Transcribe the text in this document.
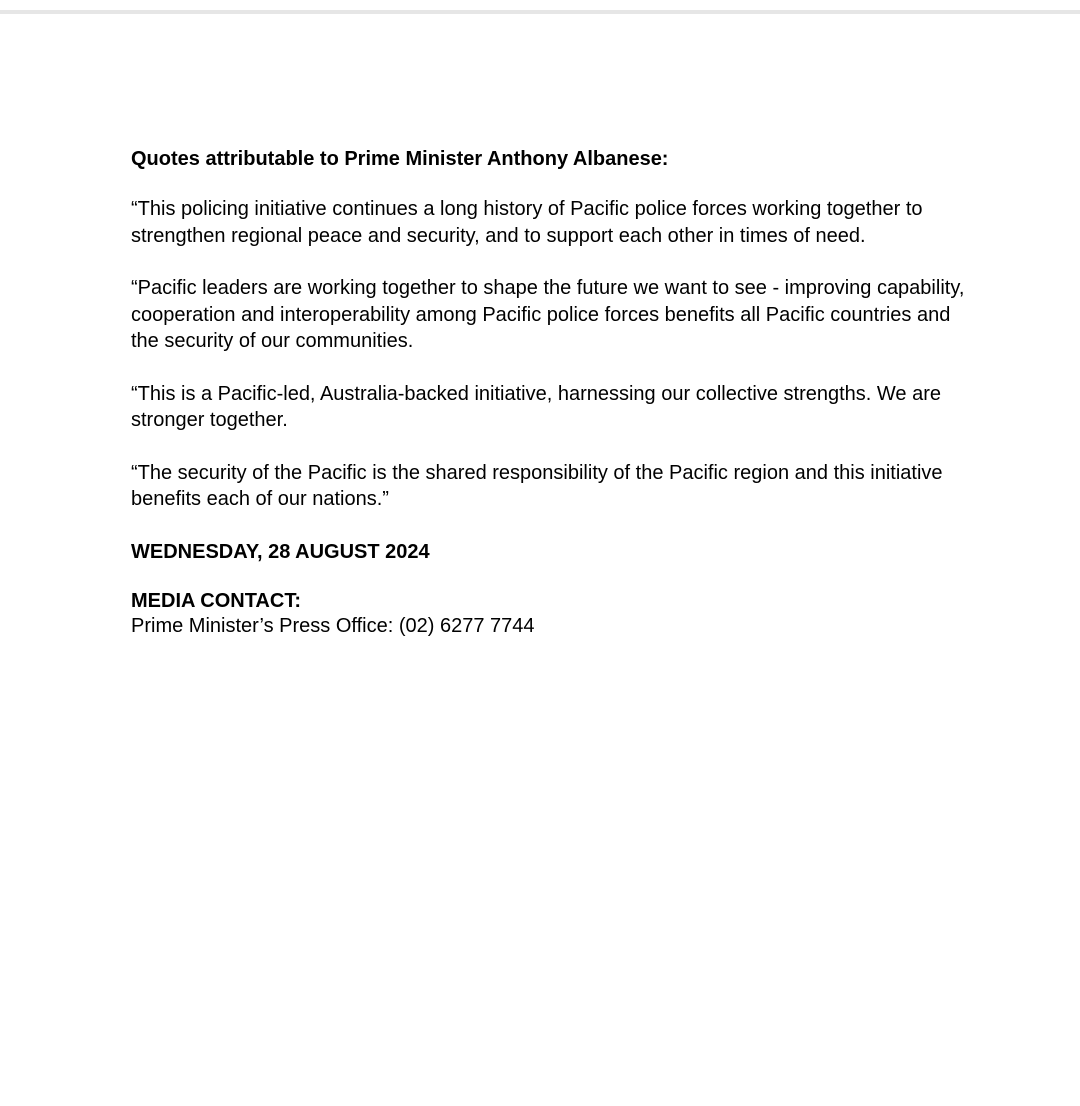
Quotes attributable to Prime Minister Anthony Albanese:

“This policing initiative continues a long history of Pacific police forces working together to strengthen regional peace and security, and to support each other in times of need.

“Pacific leaders are working together to shape the future we want to see - improving capability, cooperation and interoperability among Pacific police forces benefits all Pacific countries and the security of our communities.

“This is a Pacific-led, Australia-backed initiative, harnessing our collective strengths. We are stronger together.

“The security of the Pacific is the shared responsibility of the Pacific region and this initiative benefits each of our nations.”

WEDNESDAY, 28 AUGUST 2024

MEDIA CONTACT:

Prime Minister’s Press Office: (02) 6277 7744
